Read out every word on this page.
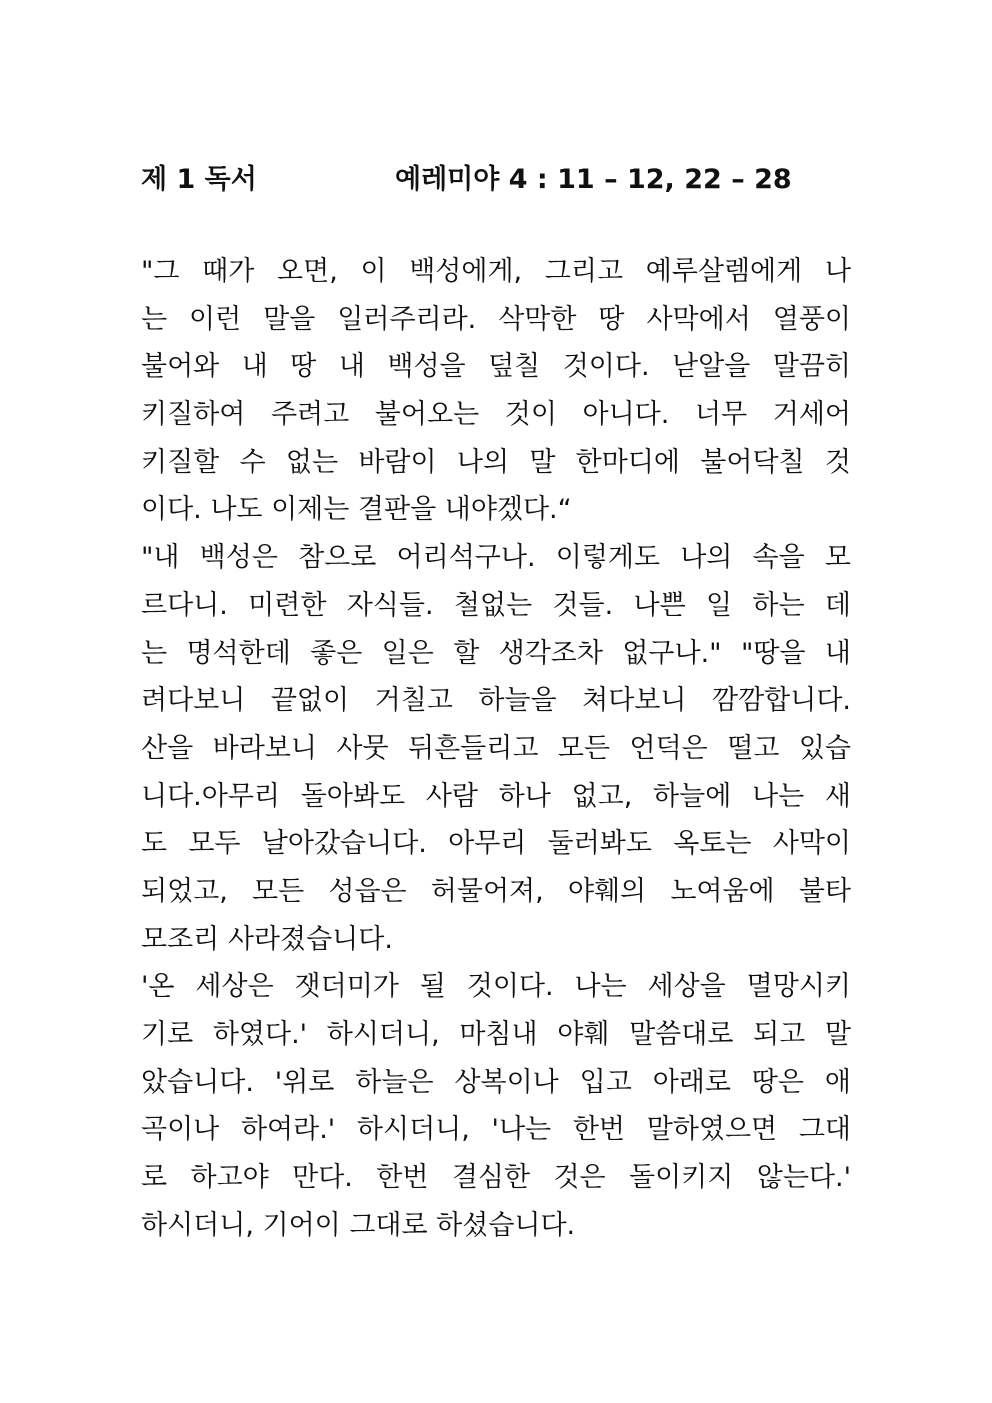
제 1 독서	예레미야 4 : 11 – 12, 22 – 28
"그 때가 오면, 이 백성에게, 그리고 예루살렘에게 나
는 이런 말을 일러주리라. 삭막한 땅 사막에서 열풍이
불어와 내 땅 내 백성을 덮칠 것이다. 낟알을 말끔히
키질하여 주려고 불어오는 것이 아니다. 너무 거세어
키질할 수 없는 바람이 나의 말 한마디에 불어닥칠 것
이다. 나도 이제는 결판을 내야겠다.“
"내 백성은 참으로 어리석구나. 이렇게도 나의 속을 모
르다니. 미련한 자식들. 철없는 것들. 나쁜 일 하는 데
는 명석한데 좋은 일은 할 생각조차 없구나." "땅을 내
려다보니 끝없이 거칠고 하늘을 쳐다보니 깜깜합니다.
산을 바라보니 사뭇 뒤흔들리고 모든 언덕은 떨고 있습
니다.아무리 돌아봐도 사람 하나 없고, 하늘에 나는 새
도 모두 날아갔습니다. 아무리 둘러봐도 옥토는 사막이
되었고, 모든 성읍은 허물어져, 야훼의 노여움에 불타
모조리 사라졌습니다.
'온 세상은 잿더미가 될 것이다. 나는 세상을 멸망시키
기로 하였다.' 하시더니, 마침내 야훼 말씀대로 되고 말
았습니다. '위로 하늘은 상복이나 입고 아래로 땅은 애
곡이나 하여라.' 하시더니, '나는 한번 말하였으면 그대
로 하고야 만다. 한번 결심한 것은 돌이키지 않는다.'
하시더니, 기어이 그대로 하셨습니다.
